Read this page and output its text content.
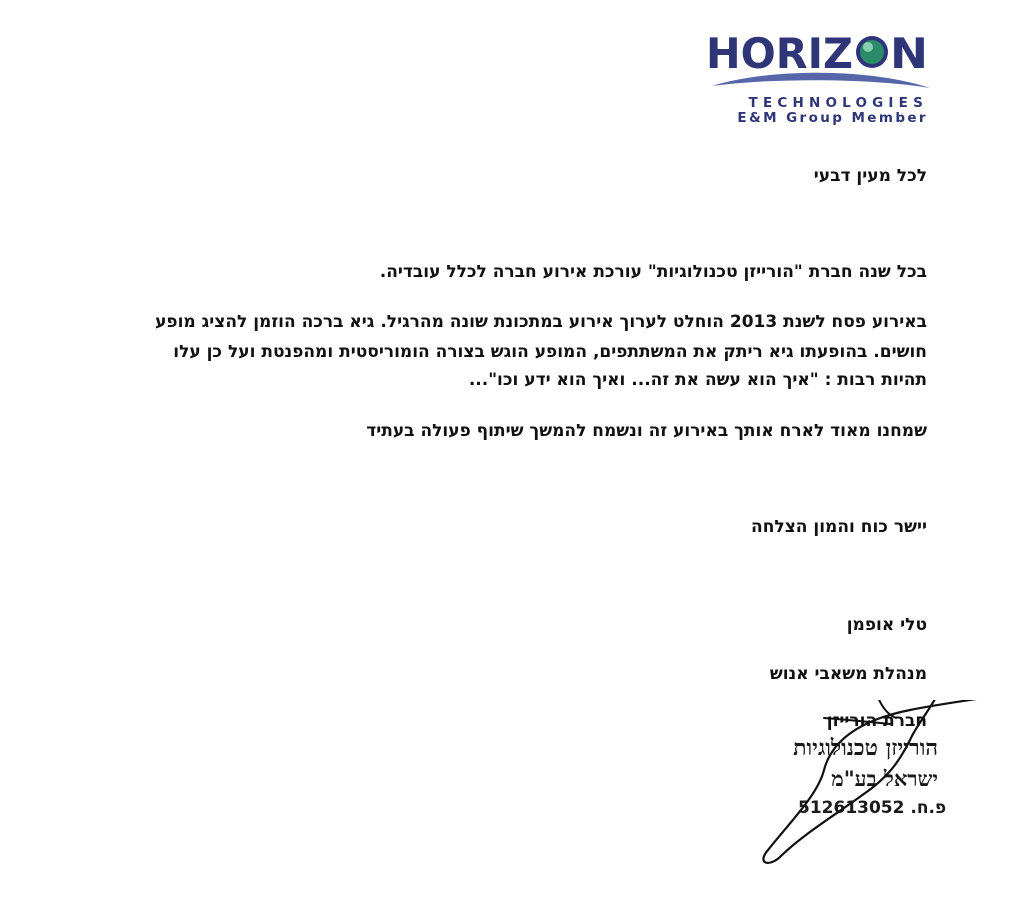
HORIZ N
TECHNOLOGIES
E&M Group Member
לכל מעין דבעי
בכל שנה חברת "הורייזן טכנולוגיות" עורכת אירוע חברה לכלל עובדיה.
באירוע פסח לשנת 2013 הוחלט לערוך אירוע במתכונת שונה מהרגיל. גיא ברכה הוזמן להציג מופע
חושים. בהופעתו גיא ריתק את המשתתפים, המופע הוגש בצורה הומוריסטית ומהפנטת ועל כן עלו
תהיות רבות : "איך הוא עשה את זה... ואיך הוא ידע וכו"...
שמחנו מאוד לארח אותך באירוע זה ונשמח להמשך שיתוף פעולה בעתיד
יישר כוח והמון הצלחה
טלי אופמן
מנהלת משאבי אנוש
חברת הורייזן
הורייזן טכנולוגיות
ישראל בע"מ
512613052 .פ.ח
